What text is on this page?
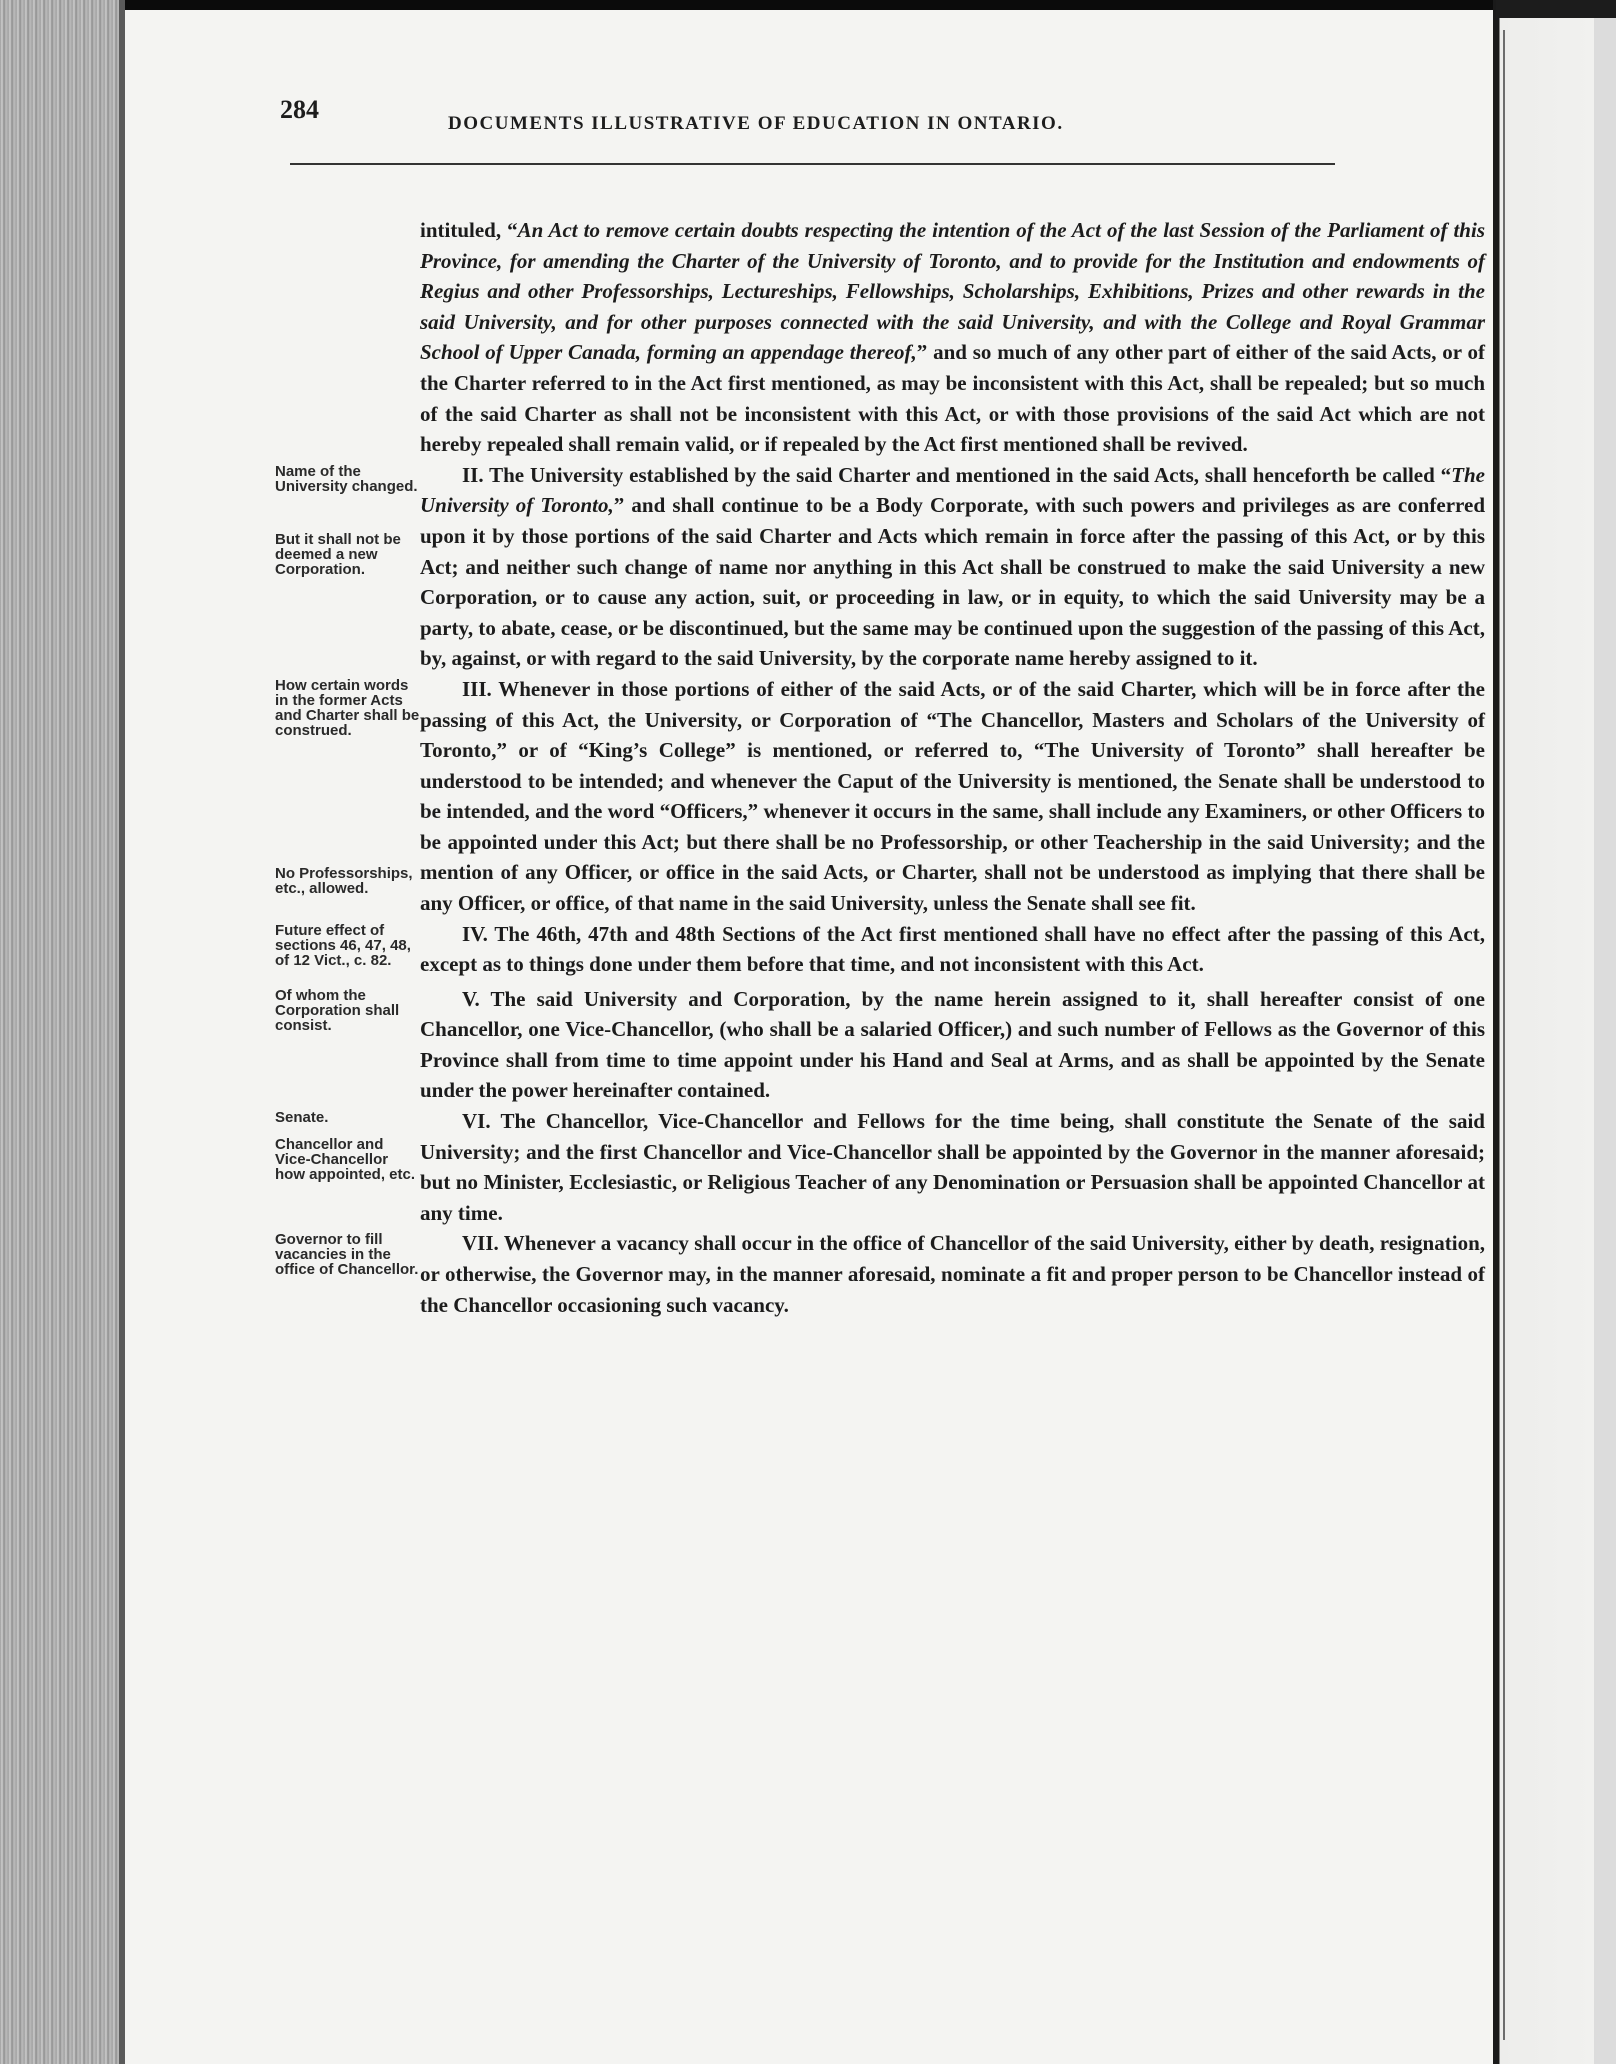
284	DOCUMENTS ILLUSTRATIVE OF EDUCATION IN ONTARIO.

intituled, “An Act to remove certain doubts respecting the intention of the Act of the last Session of the Parliament of this Province, for amending the Charter of the University of Toronto, and to provide for the Institution and endowments of Regius and other Professorships, Lectureships, Fellowships, Scholarships, Exhibitions, Prizes and other rewards in the said University, and for other purposes connected with the said University, and with the College and Royal Grammar School of Upper Canada, forming an appendage thereof,” and so much of any other part of either of the said Acts, or of the Charter referred to in the Act first mentioned, as may be inconsistent with this Act, shall be repealed; but so much of the said Charter as shall not be inconsistent with this Act, or with those provisions of the said Act which are not hereby repealed shall remain valid, or if repealed by the Act first mentioned shall be revived.

Name of the University changed.
But it shall not be deemed a new Corporation.

II. The University established by the said Charter and mentioned in the said Acts, shall henceforth be called “The University of Toronto,” and shall continue to be a Body Corporate, with such powers and privileges as are conferred upon it by those portions of the said Charter and Acts which remain in force after the passing of this Act, or by this Act; and neither such change of name nor anything in this Act shall be construed to make the said University a new Corporation, or to cause any action, suit, or proceeding in law, or in equity, to which the said University may be a party, to abate, cease, or be discontinued, but the same may be continued upon the suggestion of the passing of this Act, by, against, or with regard to the said University, by the corporate name hereby assigned to it.

How certain words in the former Acts and Charter shall be construed.
No Professorships, etc., allowed.

III. Whenever in those portions of either of the said Acts, or of the said Charter, which will be in force after the passing of this Act, the University, or Corporation of “The Chancellor, Masters and Scholars of the University of Toronto,” or of “King’s College” is mentioned, or referred to, “The University of Toronto” shall hereafter be understood to be intended; and whenever the Caput of the University is mentioned, the Senate shall be understood to be intended, and the word “Officers,” whenever it occurs in the same, shall include any Examiners, or other Officers to be appointed under this Act; but there shall be no Professorship, or other Teachership in the said University; and the mention of any Officer, or office in the said Acts, or Charter, shall not be understood as implying that there shall be any Officer, or office, of that name in the said University, unless the Senate shall see fit.

Future effect of sections 46, 47, 48, of 12 Vict., c. 82.

IV. The 46th, 47th and 48th Sections of the Act first mentioned shall have no effect after the passing of this Act, except as to things done under them before that time, and not inconsistent with this Act.

Of whom the Corporation shall consist.

V. The said University and Corporation, by the name herein assigned to it, shall hereafter consist of one Chancellor, one Vice-Chancellor, (who shall be a salaried Officer,) and such number of Fellows as the Governor of this Province shall from time to time appoint under his Hand and Seal at Arms, and as shall be appointed by the Senate under the power hereinafter contained.

Senate.
Chancellor and Vice-Chancellor how appointed, etc.

VI. The Chancellor, Vice-Chancellor and Fellows for the time being, shall constitute the Senate of the said University; and the first Chancellor and Vice-Chancellor shall be appointed by the Governor in the manner aforesaid; but no Minister, Ecclesiastic, or Religious Teacher of any Denomination or Persuasion shall be appointed Chancellor at any time.

Governor to fill vacancies in the office of Chancellor.

VII. Whenever a vacancy shall occur in the office of Chancellor of the said University, either by death, resignation, or otherwise, the Governor may, in the manner aforesaid, nominate a fit and proper person to be Chancellor instead of the Chancellor occasioning such vacancy.
